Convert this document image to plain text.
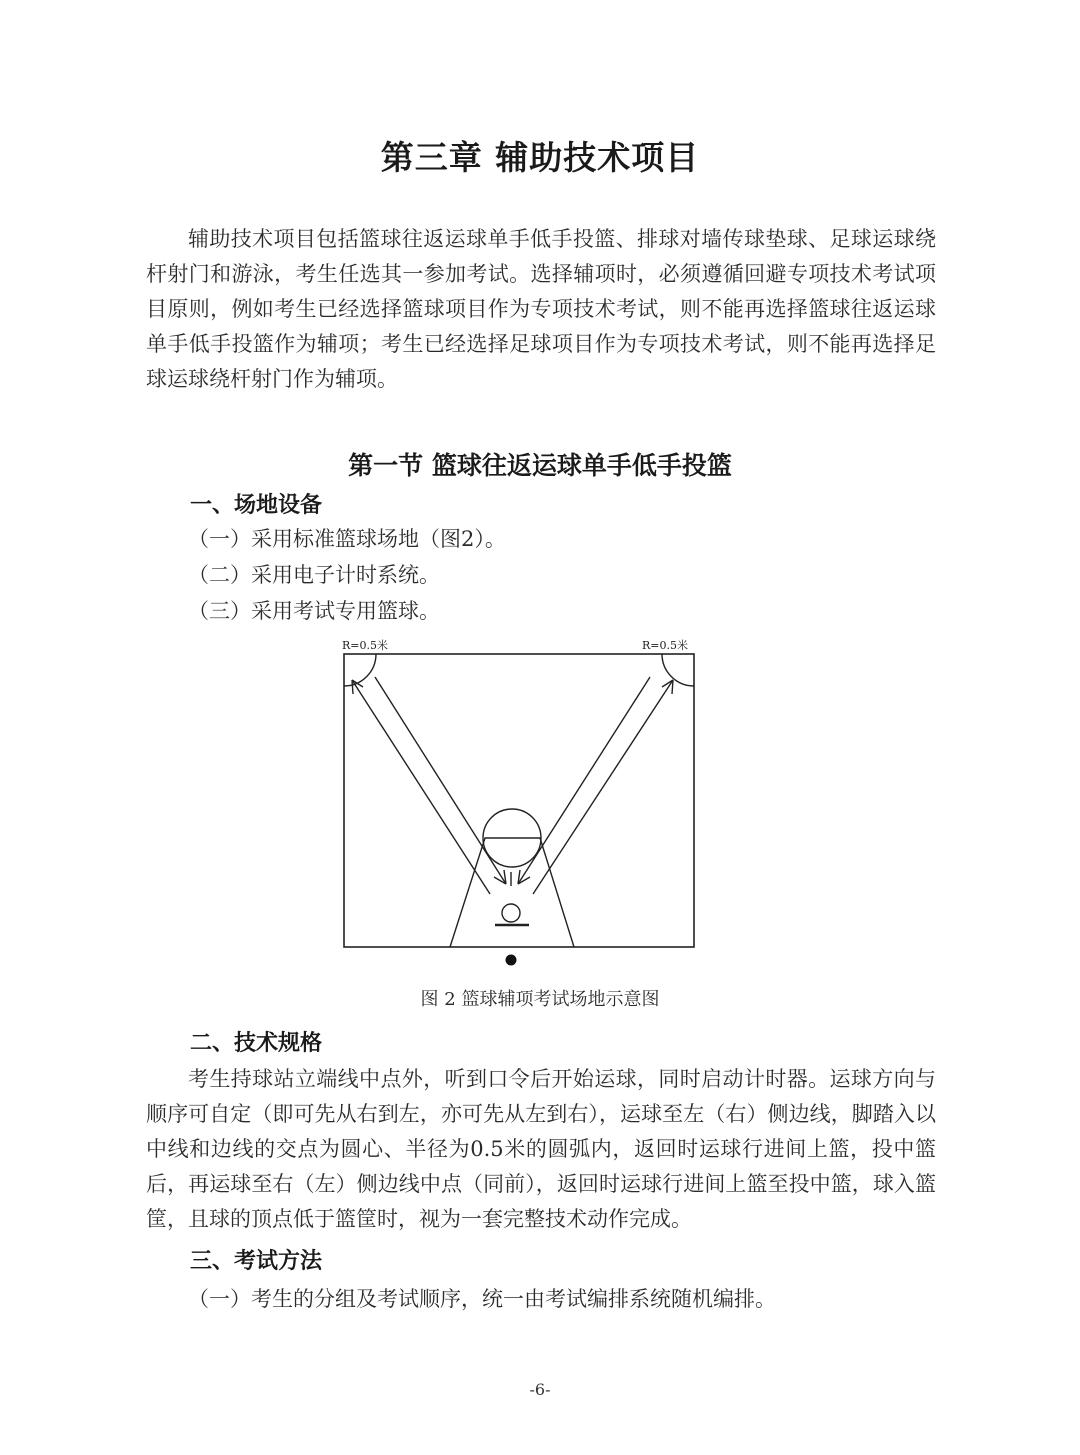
第三章 辅助技术项目

辅助技术项目包括篮球往返运球单手低手投篮、排球对墙传球垫球、足球运球绕杆射门和游泳，考生任选其一参加考试。选择辅项时，必须遵循回避专项技术考试项目原则，例如考生已经选择篮球项目作为专项技术考试，则不能再选择篮球往返运球单手低手投篮作为辅项；考生已经选择足球项目作为专项技术考试，则不能再选择足球运球绕杆射门作为辅项。

第一节 篮球往返运球单手低手投篮
一、场地设备

（一）采用标准篮球场地（图2）。

（二）采用电子计时系统。

（三）采用考试专用篮球。

R=0.5米	R=0.5米

图 2 篮球辅项考试场地示意图

二、技术规格

考生持球站立端线中点外，听到口令后开始运球，同时启动计时器。运球方向与顺序可自定（即可先从右到左，亦可先从左到右），运球至左（右）侧边线，脚踏入以中线和边线的交点为圆心、半径为0.5米的圆弧内，返回时运球行进间上篮，投中篮后，再运球至右（左）侧边线中点（同前），返回时运球行进间上篮至投中篮，球入篮筐，且球的顶点低于篮筐时，视为一套完整技术动作完成。

三、考试方法

（一）考生的分组及考试顺序，统一由考试编排系统随机编排。

-6-
